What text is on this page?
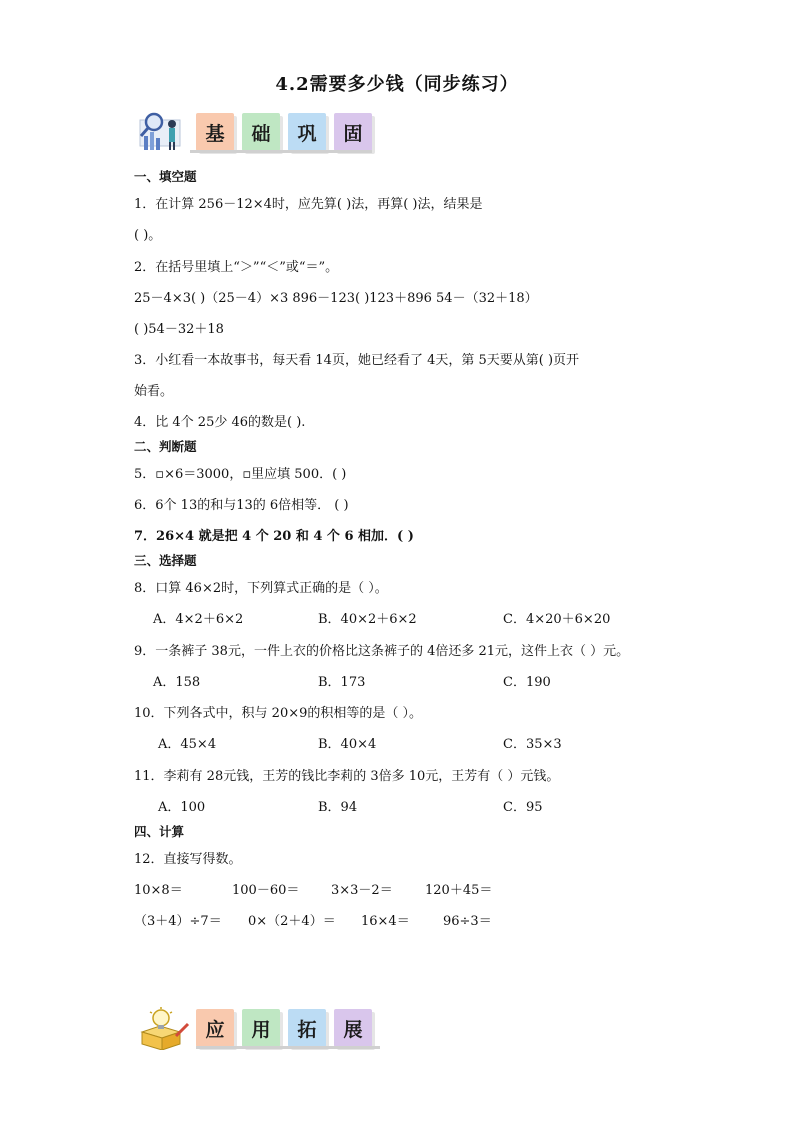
4.2需要多少钱（同步练习）
基	础	巩	固
一、填空题
1．在计算 256－12×4时，应先算( )法，再算( )法，结果是
( )。
2．在括号里填上“＞”“＜”或“＝”。
25－4×3( )（25－4）×3 896－123( )123＋896 54－（32＋18）
( )54－32＋18
3．小红看一本故事书，每天看 14页，她已经看了 4天，第 5天要从第( )页开
始看。
4．比 4个 25少 46的数是( ).
二、判断题
5．▫×6＝3000，▫里应填 500．( )
6．6个 13的和与13的 6倍相等． ( )
7．26×4 就是把 4 个 20 和 4 个 6 相加．( )
三、选择题
8．口算 46×2时，下列算式正确的是（ ）。
A．4×2＋6×2	B．40×2＋6×2	C．4×20＋6×20
9．一条裤子 38元，一件上衣的价格比这条裤子的 4倍还多 21元，这件上衣（ ）元。
A．158	B．173	C．190
10．下列各式中，积与 20×9的积相等的是（ ）。
A．45×4	B．40×4	C．35×3
11．李莉有 28元钱，王芳的钱比李莉的 3倍多 10元，王芳有（ ）元钱。
A．100	B．94	C．95
四、计算
12．直接写得数。
10×8＝	100－60＝ 3×3－2＝ 120＋45＝
（3＋4）÷7＝ 0×（2＋4）＝ 16×4＝	96÷3＝
应	用	拓	展
